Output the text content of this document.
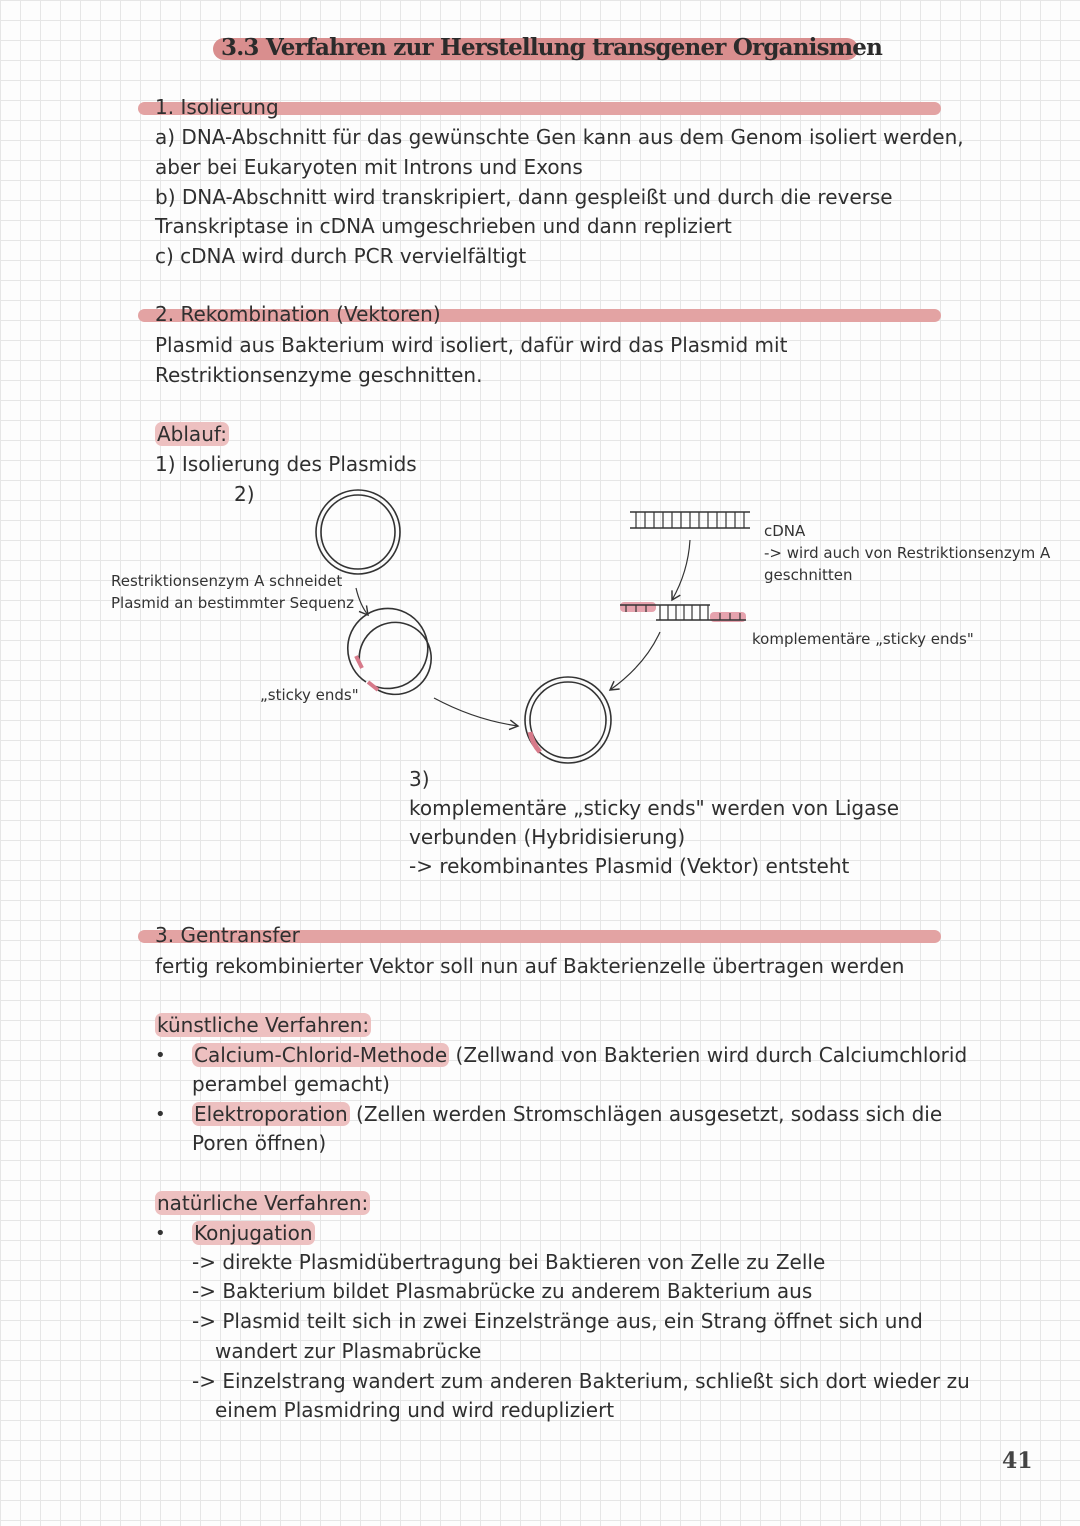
3.3 Verfahren zur Herstellung transgener Organismen
1. Isolierung
a) DNA-Abschnitt für das gewünschte Gen kann aus dem Genom isoliert werden,
aber bei Eukaryoten mit Introns und Exons
b) DNA-Abschnitt wird transkripiert, dann gespleißt und durch die reverse
Transkriptase in cDNA umgeschrieben und dann repliziert
c) cDNA wird durch PCR vervielfältigt
2. Rekombination (Vektoren)
Plasmid aus Bakterium wird isoliert, dafür wird das Plasmid mit
Restriktionsenzyme geschnitten.
Ablauf:
1) Isolierung des Plasmids
2)
Restriktionsenzym A schneidet
Plasmid an bestimmter Sequenz
„sticky ends"
cDNA
-> wird auch von Restriktionsenzym A
geschnitten
komplementäre „sticky ends"
3)
komplementäre „sticky ends" werden von Ligase
verbunden (Hybridisierung)
-> rekombinantes Plasmid (Vektor) entsteht
3. Gentransfer
fertig rekombinierter Vektor soll nun auf Bakterienzelle übertragen werden
künstliche Verfahren:
• Calcium-Chlorid-Methode (Zellwand von Bakterien wird durch Calciumchlorid
perambel gemacht)
• Elektroporation (Zellen werden Stromschlägen ausgesetzt, sodass sich die
Poren öffnen)
natürliche Verfahren:
• Konjugation
-> direkte Plasmidübertragung bei Baktieren von Zelle zu Zelle
-> Bakterium bildet Plasmabrücke zu anderem Bakterium aus
-> Plasmid teilt sich in zwei Einzelstränge aus, ein Strang öffnet sich und
wandert zur Plasmabrücke
-> Einzelstrang wandert zum anderen Bakterium, schließt sich dort wieder zu
einem Plasmidring und wird redupliziert
41
